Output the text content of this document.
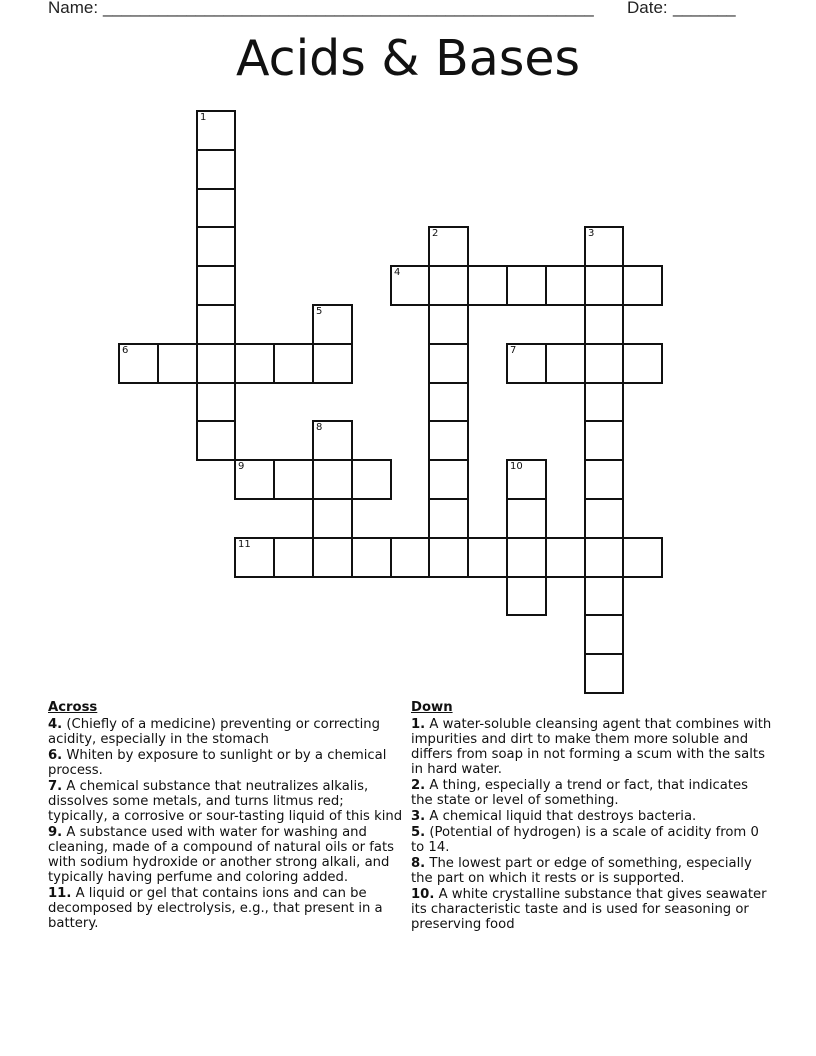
Name: _____________________________________________________ Date: _______
Acids & Bases
1
2	3
4
5
6	7
8
9	10
11
Across
4. (Chiefly of a medicine) preventing or correcting acidity, especially in the stomach
6. Whiten by exposure to sunlight or by a chemical process.
7. A chemical substance that neutralizes alkalis, dissolves some metals, and turns litmus red; typically, a corrosive or sour-tasting liquid of this kind
9. A substance used with water for washing and cleaning, made of a compound of natural oils or fats with sodium hydroxide or another strong alkali, and typically having perfume and coloring added.
11. A liquid or gel that contains ions and can be decomposed by electrolysis, e.g., that present in a battery.
Down
1. A water-soluble cleansing agent that combines with impurities and dirt to make them more soluble and differs from soap in not forming a scum with the salts in hard water.
2. A thing, especially a trend or fact, that indicates the state or level of something.
3. A chemical liquid that destroys bacteria.
5. (Potential of hydrogen) is a scale of acidity from 0 to 14.
8. The lowest part or edge of something, especially the part on which it rests or is supported.
10. A white crystalline substance that gives seawater its characteristic taste and is used for seasoning or preserving food
